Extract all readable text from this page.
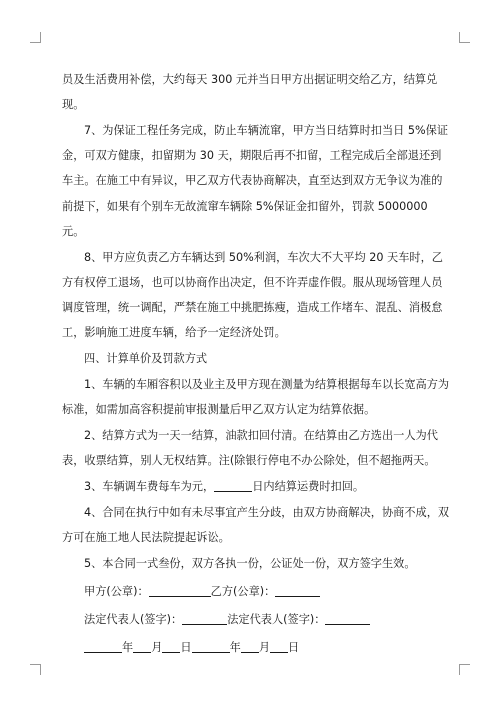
员及生活费用补偿，大约每天 300 元并当日甲方出据证明交给乙方，结算兑现。

7、为保证工程任务完成，防止车辆流窜，甲方当日结算时扣当日 5%保证金，可双方健康，扣留期为 30 天，期限后再不扣留，工程完成后全部退还到车主。在施工中有异议，甲乙双方代表协商解决，直至达到双方无争议为准的前提下，如果有个别车无故流窜车辆除 5%保证金扣留外，罚款 5000000 元。

8、甲方应负责乙方车辆达到 50%利润，车次大不大平均 20 天车时，乙方有权停工退场，也可以协商作出决定，但不许弄虚作假。服从现场管理人员调度管理，统一调配，严禁在施工中挑肥拣瘦，造成工作堵车、混乱、消极怠工，影响施工进度车辆，给予一定经济处罚。

四、计算单价及罚款方式

1、车辆的车厢容积以及业主及甲方现在测量为结算根据每车以长宽高方为标准，如需加高容积提前审报测量后甲乙双方认定为结算依据。

2、结算方式为一天一结算，油款扣回付清。在结算由乙方选出一人为代表，收票结算，别人无权结算。注(除银行停电不办公除处，但不超拖两天。

3、车辆调车费每车为元，	日内结算运费时扣回。

4、合同在执行中如有未尽事宜产生分歧，由双方协商解决，协商不成，双方可在施工地人民法院提起诉讼。

5、本合同一式叁份，双方各执一份，公证处一份，双方签字生效。

甲方(公章)：	乙方(公章)：

法定代表人(签字)：	法定代表人(签字)：

年 月 日	年 月 日
